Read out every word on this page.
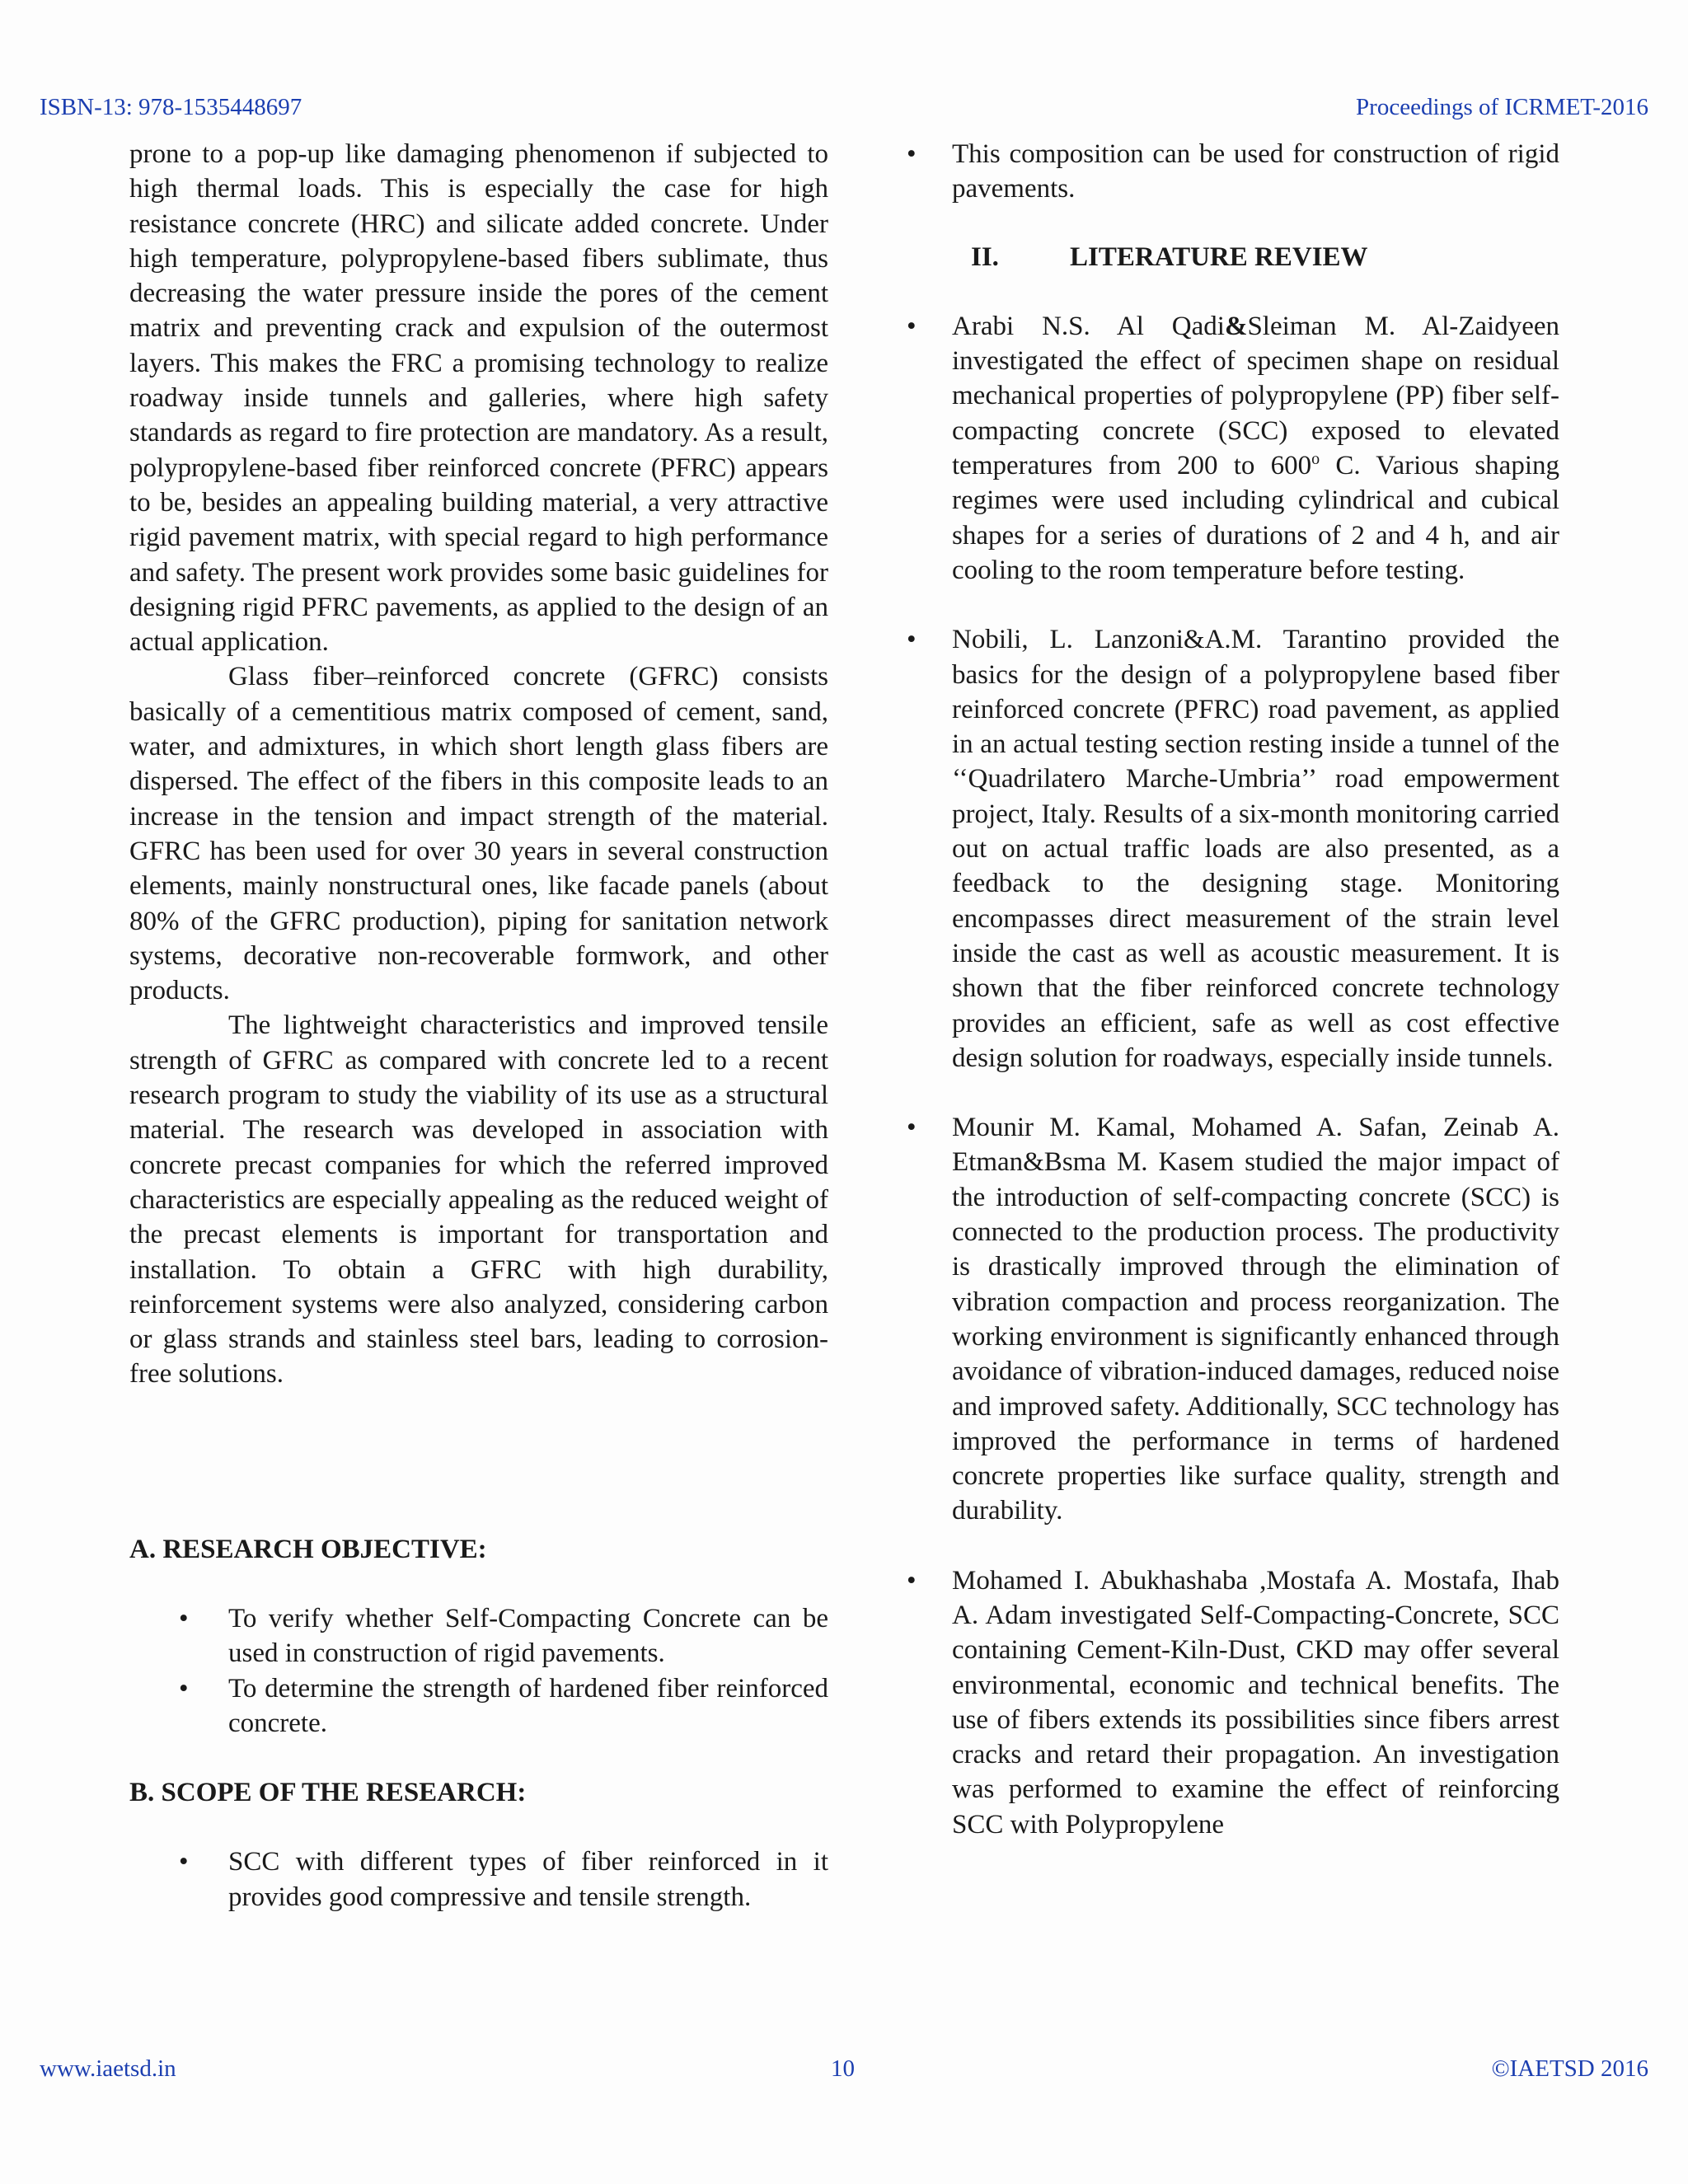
ISBN-13: 978-1535448697	Proceedings of ICRMET-2016

prone to a pop-up like damaging phenomenon if subjected to high thermal loads. This is especially the case for high resistance concrete (HRC) and silicate added concrete. Under high temperature, polypropylene-based fibers sublimate, thus decreasing the water pressure inside the pores of the cement matrix and preventing crack and expulsion of the outermost layers. This makes the FRC a promising technology to realize roadway inside tunnels and galleries, where high safety standards as regard to fire protection are mandatory. As a result, polypropylene-based fiber reinforced concrete (PFRC) appears to be, besides an appealing building material, a very attractive rigid pavement matrix, with special regard to high performance and safety. The present work provides some basic guidelines for designing rigid PFRC pavements, as applied to the design of an actual application.

Glass fiber–reinforced concrete (GFRC) consists basically of a cementitious matrix composed of cement, sand, water, and admixtures, in which short length glass fibers are dispersed. The effect of the fibers in this composite leads to an increase in the tension and impact strength of the material. GFRC has been used for over 30 years in several construction elements, mainly nonstructural ones, like facade panels (about 80% of the GFRC production), piping for sanitation network systems, decorative non-recoverable formwork, and other products.

The lightweight characteristics and improved tensile strength of GFRC as compared with concrete led to a recent research program to study the viability of its use as a structural material. The research was developed in association with concrete precast companies for which the referred improved characteristics are especially appealing as the reduced weight of the precast elements is important for transportation and installation. To obtain a GFRC with high durability, reinforcement systems were also analyzed, considering carbon or glass strands and stainless steel bars, leading to corrosion-free solutions.

A. RESEARCH OBJECTIVE:

• To verify whether Self-Compacting Concrete can be used in construction of rigid pavements.

• To determine the strength of hardened fiber reinforced concrete.

B. SCOPE OF THE RESEARCH:

• SCC with different types of fiber reinforced in it provides good compressive and tensile strength.

• This composition can be used for construction of rigid pavements.

II.	LITERATURE REVIEW

• Arabi N.S. Al Qadi&Sleiman M. Al-Zaidyeen investigated the effect of specimen shape on residual mechanical properties of polypropylene (PP) fiber self-compacting concrete (SCC) exposed to elevated temperatures from 200 to 600$^o$ C. Various shaping regimes were used including cylindrical and cubical shapes for a series of durations of 2 and 4 h, and air cooling to the room temperature before testing.

• Nobili, L. Lanzoni&A.M. Tarantino provided the basics for the design of a polypropylene based fiber reinforced concrete (PFRC) road pavement, as applied in an actual testing section resting inside a tunnel of the ‘‘Quadrilatero Marche-Umbria’’ road empowerment project, Italy. Results of a six-month monitoring carried out on actual traffic loads are also presented, as a feedback to the designing stage. Monitoring encompasses direct measurement of the strain level inside the cast as well as acoustic measurement. It is shown that the fiber reinforced concrete technology provides an efficient, safe as well as cost effective design solution for roadways, especially inside tunnels.

• Mounir M. Kamal, Mohamed A. Safan, Zeinab A. Etman&Bsma M. Kasem studied the major impact of the introduction of self-compacting concrete (SCC) is connected to the production process. The productivity is drastically improved through the elimination of vibration compaction and process reorganization. The working environment is significantly enhanced through avoidance of vibration-induced damages, reduced noise and improved safety. Additionally, SCC technology has improved the performance in terms of hardened concrete properties like surface quality, strength and durability.

• Mohamed I. Abukhashaba ,Mostafa A. Mostafa, Ihab A. Adam investigated Self-Compacting-Concrete, SCC containing Cement-Kiln-Dust, CKD may offer several environmental, economic and technical benefits. The use of fibers extends its possibilities since fibers arrest cracks and retard their propagation. An investigation was performed to examine the effect of reinforcing SCC with Polypropylene

www.iaetsd.in	10	©IAETSD 2016
